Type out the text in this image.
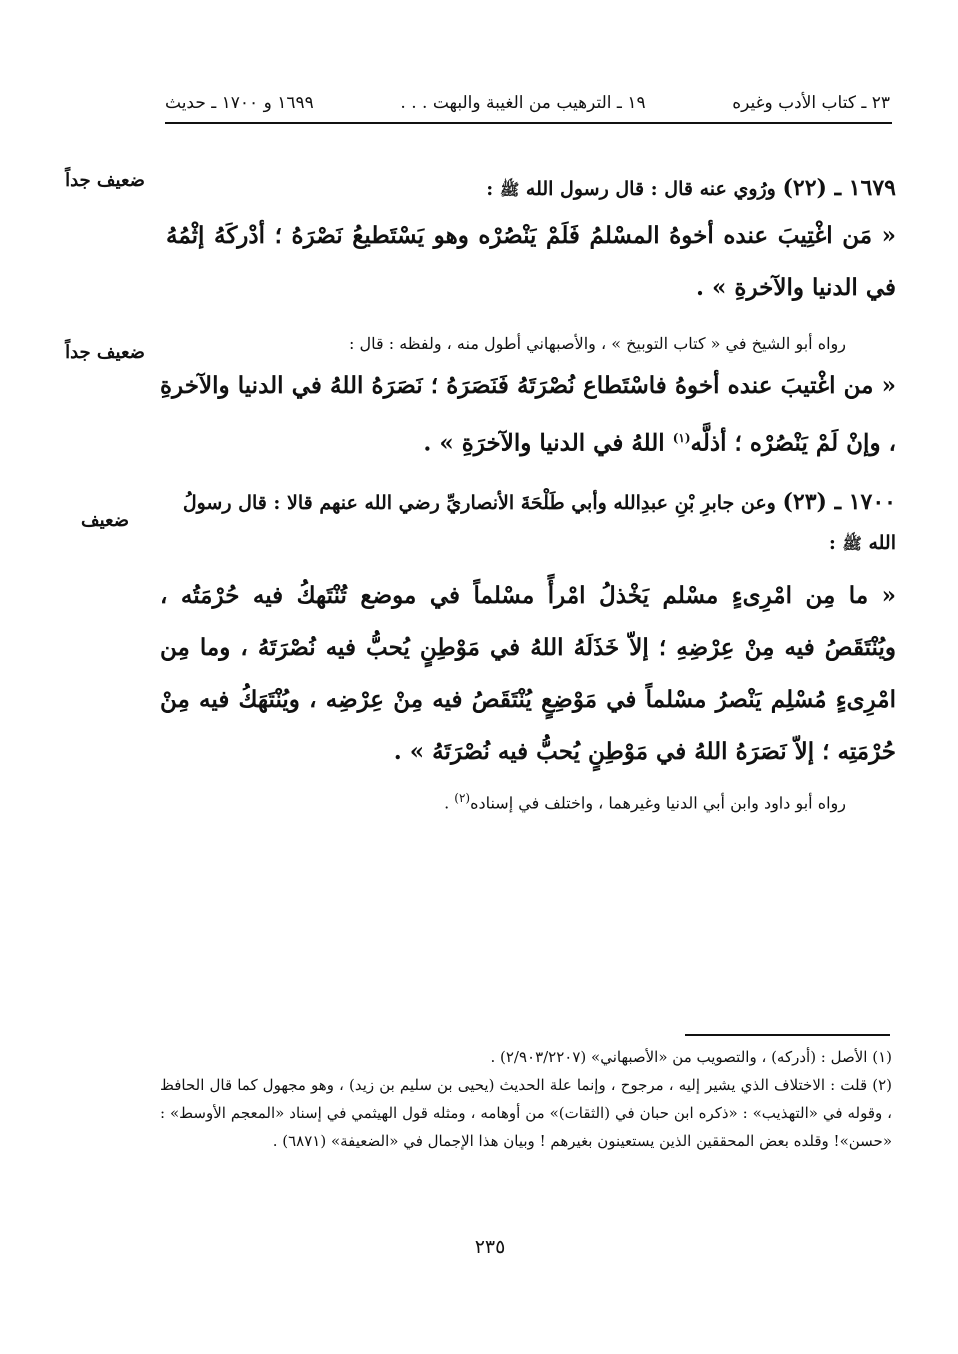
٢٣ ـ كتاب الأدب وغيره
١٩ ـ الترهيب من الغيبة والبهت . . .
١٦٩٩ و ١٧٠٠ ـ حديث
ضعيف جداً
ضعيف جداً
ضعيف
١٦٧٩ ـ (٢٢) ورُوي عنه قال : قال رسول الله ﷺ :

« مَن اغْتِيبَ عنده أخوهُ المسْلمُ فَلَمْ يَنْصُرْه وهو يَسْتَطيعُ نَصْرَهُ ؛ أدْركَهُ إثْمُهُ في الدنيا والآخرةِ » .

رواه أبو الشيخ في « كتاب التوبيخ » ، والأصبهاني أطول منه ، ولفظه : قال :

« من اغْتيبَ عنده أخوهُ فاسْتَطاع نُصْرَتَهُ فَنَصَرَهُ ؛ نَصَرَهُ اللهُ في الدنيا والآخرةِ ، وإنْ لَمْ يَنْصُرْه ؛ أذلَّه$^{(١)}$ اللهُ في الدنيا والآخرَةِ » .

١٧٠٠ ـ (٢٣) وعن جابرِ بْنِ عبدِالله وأبي طَلْحَةَ الأنصاريِّ رضي الله عنهم قالا : قال رسولُ الله ﷺ :

« ما مِن امْرِىءٍ مسْلم يَخْذلُ امْرأً مسْلماً في موضع تُنْتَهكُ فيه حُرْمَتُه ، ويُنْتَقَصُ فيه مِنْ عِرْضِهِ ؛ إلاّ خَذَلَهُ اللهُ في مَوْطِنٍ يُحبُّ فيه نُصْرَتَهُ ، وما مِن امْرِىءٍ مُسْلِم يَنْصرُ مسْلماً في مَوْضِعٍ يُنْتَقَصُ فيه مِنْ عِرْضِه ، ويُنْتَهَكُ فيه مِنْ حُرْمَتِه ؛ إلاّ نَصَرَهُ اللهُ في مَوْطِنٍ يُحبُّ فيه نُصْرَتَهُ » .

رواه أبو داود وابن أبي الدنيا وغيرهما ، واختلف في إسناده$^{(٢)}$ .

(١) الأصل : (أدركه) ، والتصويب من «الأصبهاني» (٢/٩٠٣/٢٢٠٧) .

(٢) قلت : الاختلاف الذي يشير إليه ، مرجوح ، وإنما علة الحديث (يحيى بن سليم بن زيد) ، وهو مجهول كما قال الحافظ ، وقوله في «التهذيب» : «ذكره ابن حبان في (الثقات)» من أوهامه ، ومثله قول الهيثمي في إسناد «المعجم الأوسط» : «حسن»! وقلده بعض المحققين الذين يستعينون بغيرهم ! وبيان هذا الإجمال في «الضعيفة» (٦٨٧١) .

٢٣٥
